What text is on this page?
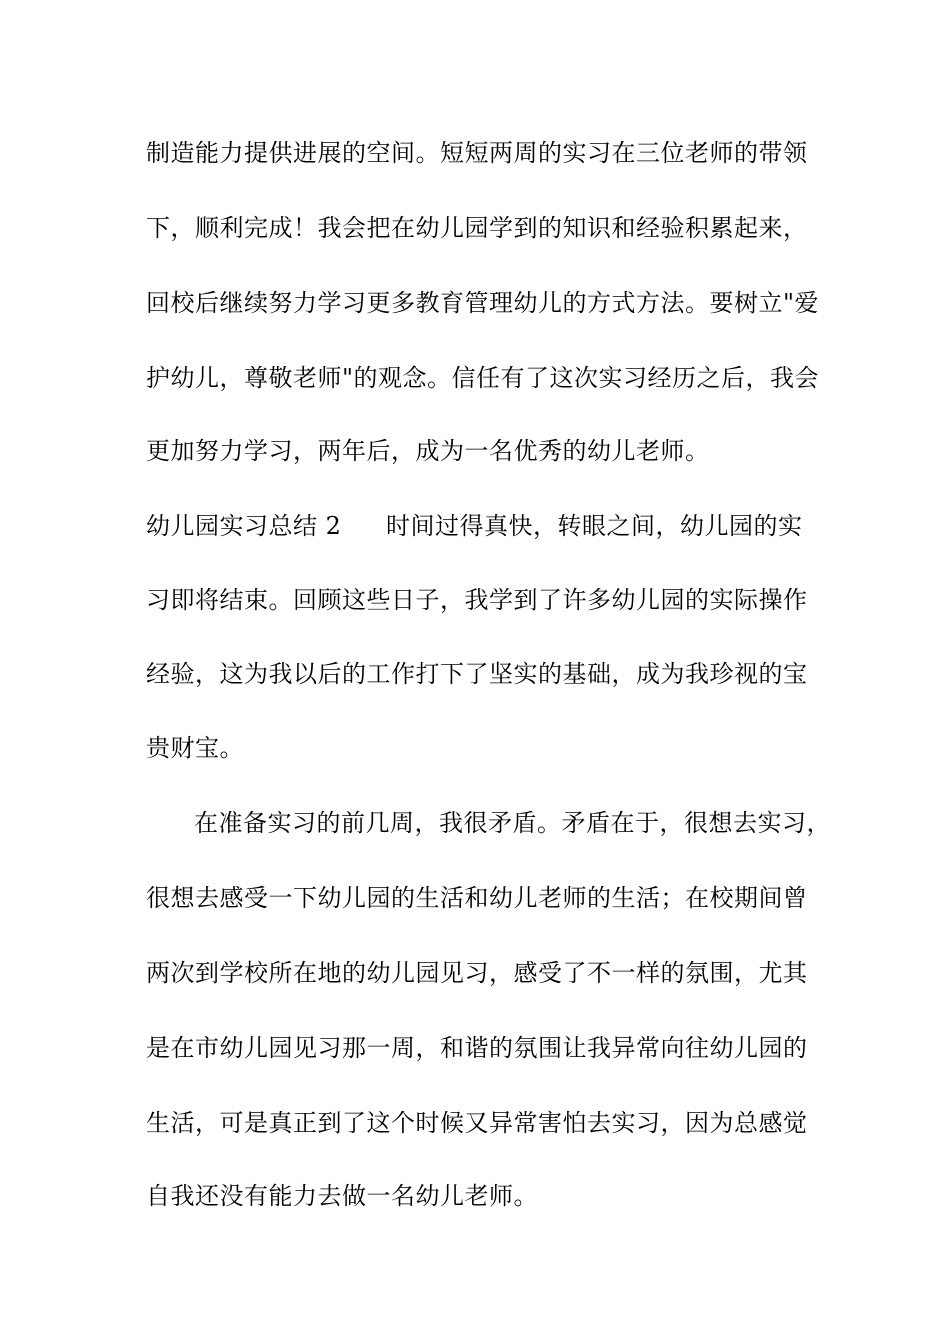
制造能力提供进展的空间。短短两周的实习在三位老师的带领
下，顺利完成！我会把在幼儿园学到的知识和经验积累起来，
回校后继续努力学习更多教育管理幼儿的方式方法。要树立"爱
护幼儿，尊敬老师"的观念。信任有了这次实习经历之后，我会
更加努力学习，两年后，成为一名优秀的幼儿老师。
幼儿园实习总结 2 时间过得真快，转眼之间，幼儿园的实
习即将结束。回顾这些日子，我学到了许多幼儿园的实际操作
经验，这为我以后的工作打下了坚实的基础，成为我珍视的宝
贵财宝。
在准备实习的前几周，我很矛盾。矛盾在于，很想去实习，
很想去感受一下幼儿园的生活和幼儿老师的生活；在校期间曾
两次到学校所在地的幼儿园见习，感受了不一样的氛围，尤其
是在市幼儿园见习那一周，和谐的氛围让我异常向往幼儿园的
生活，可是真正到了这个时候又异常害怕去实习，因为总感觉
自我还没有能力去做一名幼儿老师。
